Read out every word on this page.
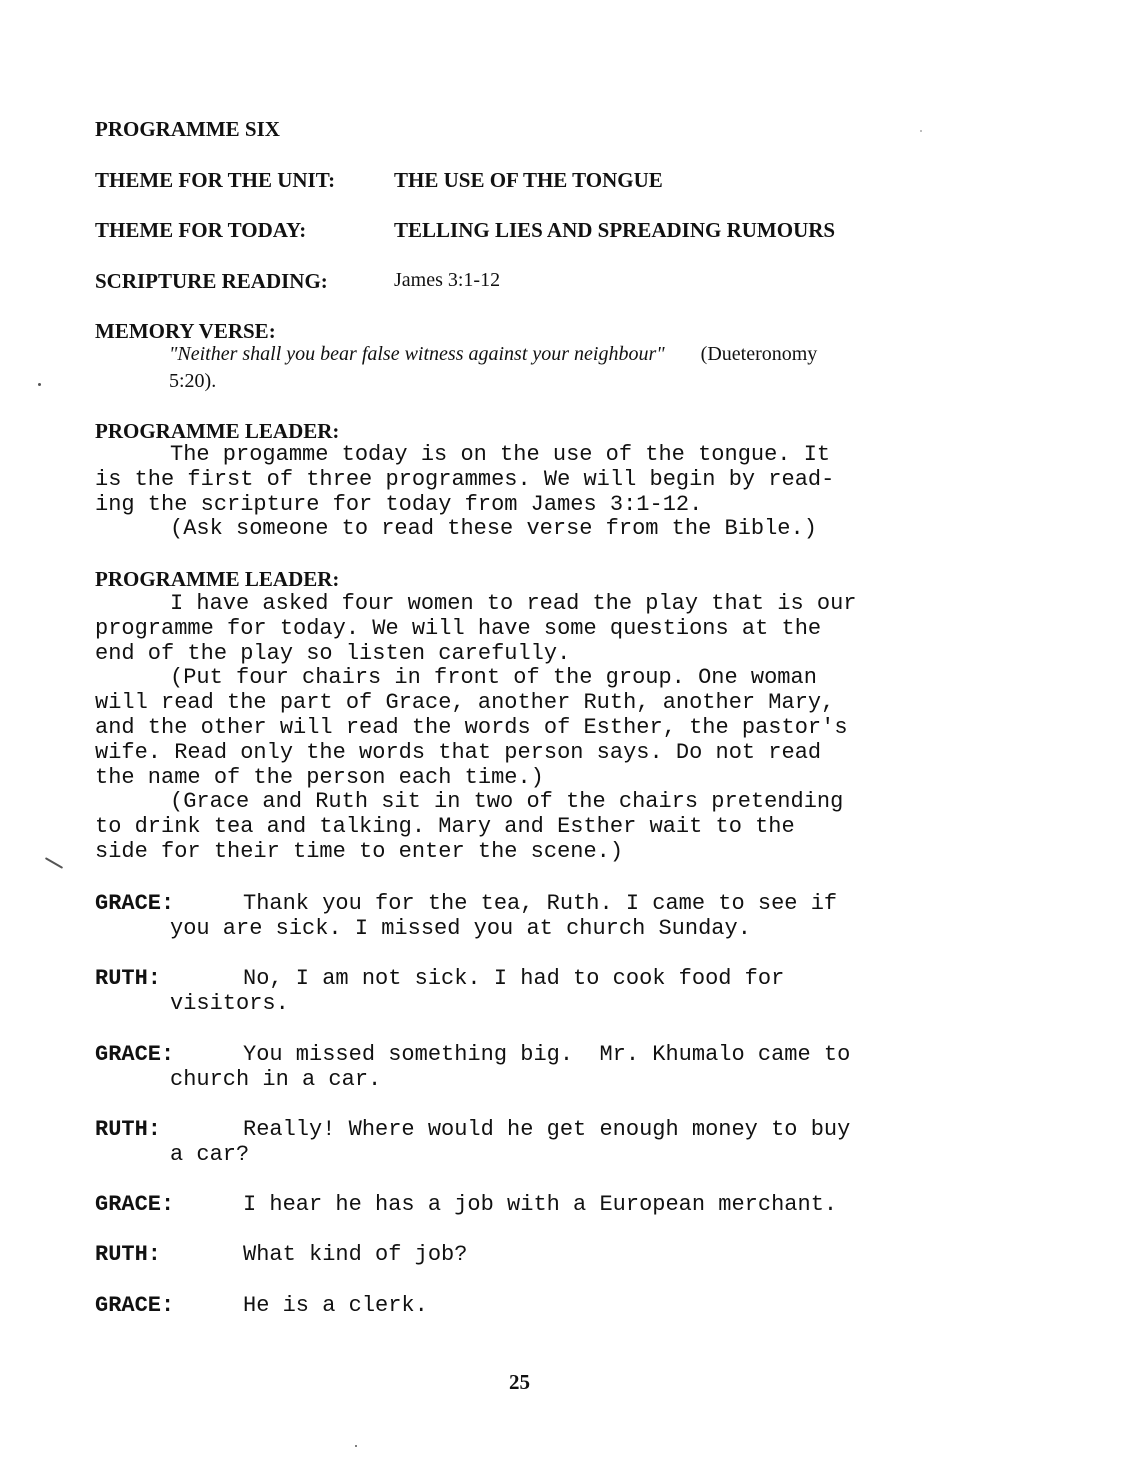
PROGRAMME SIX
THEME FOR THE UNIT:	THE USE OF THE TONGUE
THEME FOR TODAY:	TELLING LIES AND SPREADING RUMOURS
SCRIPTURE READING:	James 3:1-12
MEMORY VERSE:
"Neither shall you bear false witness against your neighbour" (Dueteronomy
5:20).
PROGRAMME LEADER:
The progamme today is on the use of the tongue. It
is the first of three programmes. We will begin by read-
ing the scripture for today from James 3:1-12.
(Ask someone to read these verse from the Bible.)
PROGRAMME LEADER:
I have asked four women to read the play that is our
programme for today. We will have some questions at the
end of the play so listen carefully.
(Put four chairs in front of the group. One woman
will read the part of Grace, another Ruth, another Mary,
and the other will read the words of Esther, the pastor's
wife. Read only the words that person says. Do not read
the name of the person each time.)
(Grace and Ruth sit in two of the chairs pretending
to drink tea and talking. Mary and Esther wait to the
side for their time to enter the scene.)
GRACE:	Thank you for the tea, Ruth. I came to see if
you are sick. I missed you at church Sunday.
RUTH:	No, I am not sick. I had to cook food for
visitors.
GRACE:	You missed something big.  Mr. Khumalo came to
church in a car.
RUTH:	Really! Where would he get enough money to buy
a car?
GRACE:	I hear he has a job with a European merchant.
RUTH:	What kind of job?
GRACE:	He is a clerk.
25
